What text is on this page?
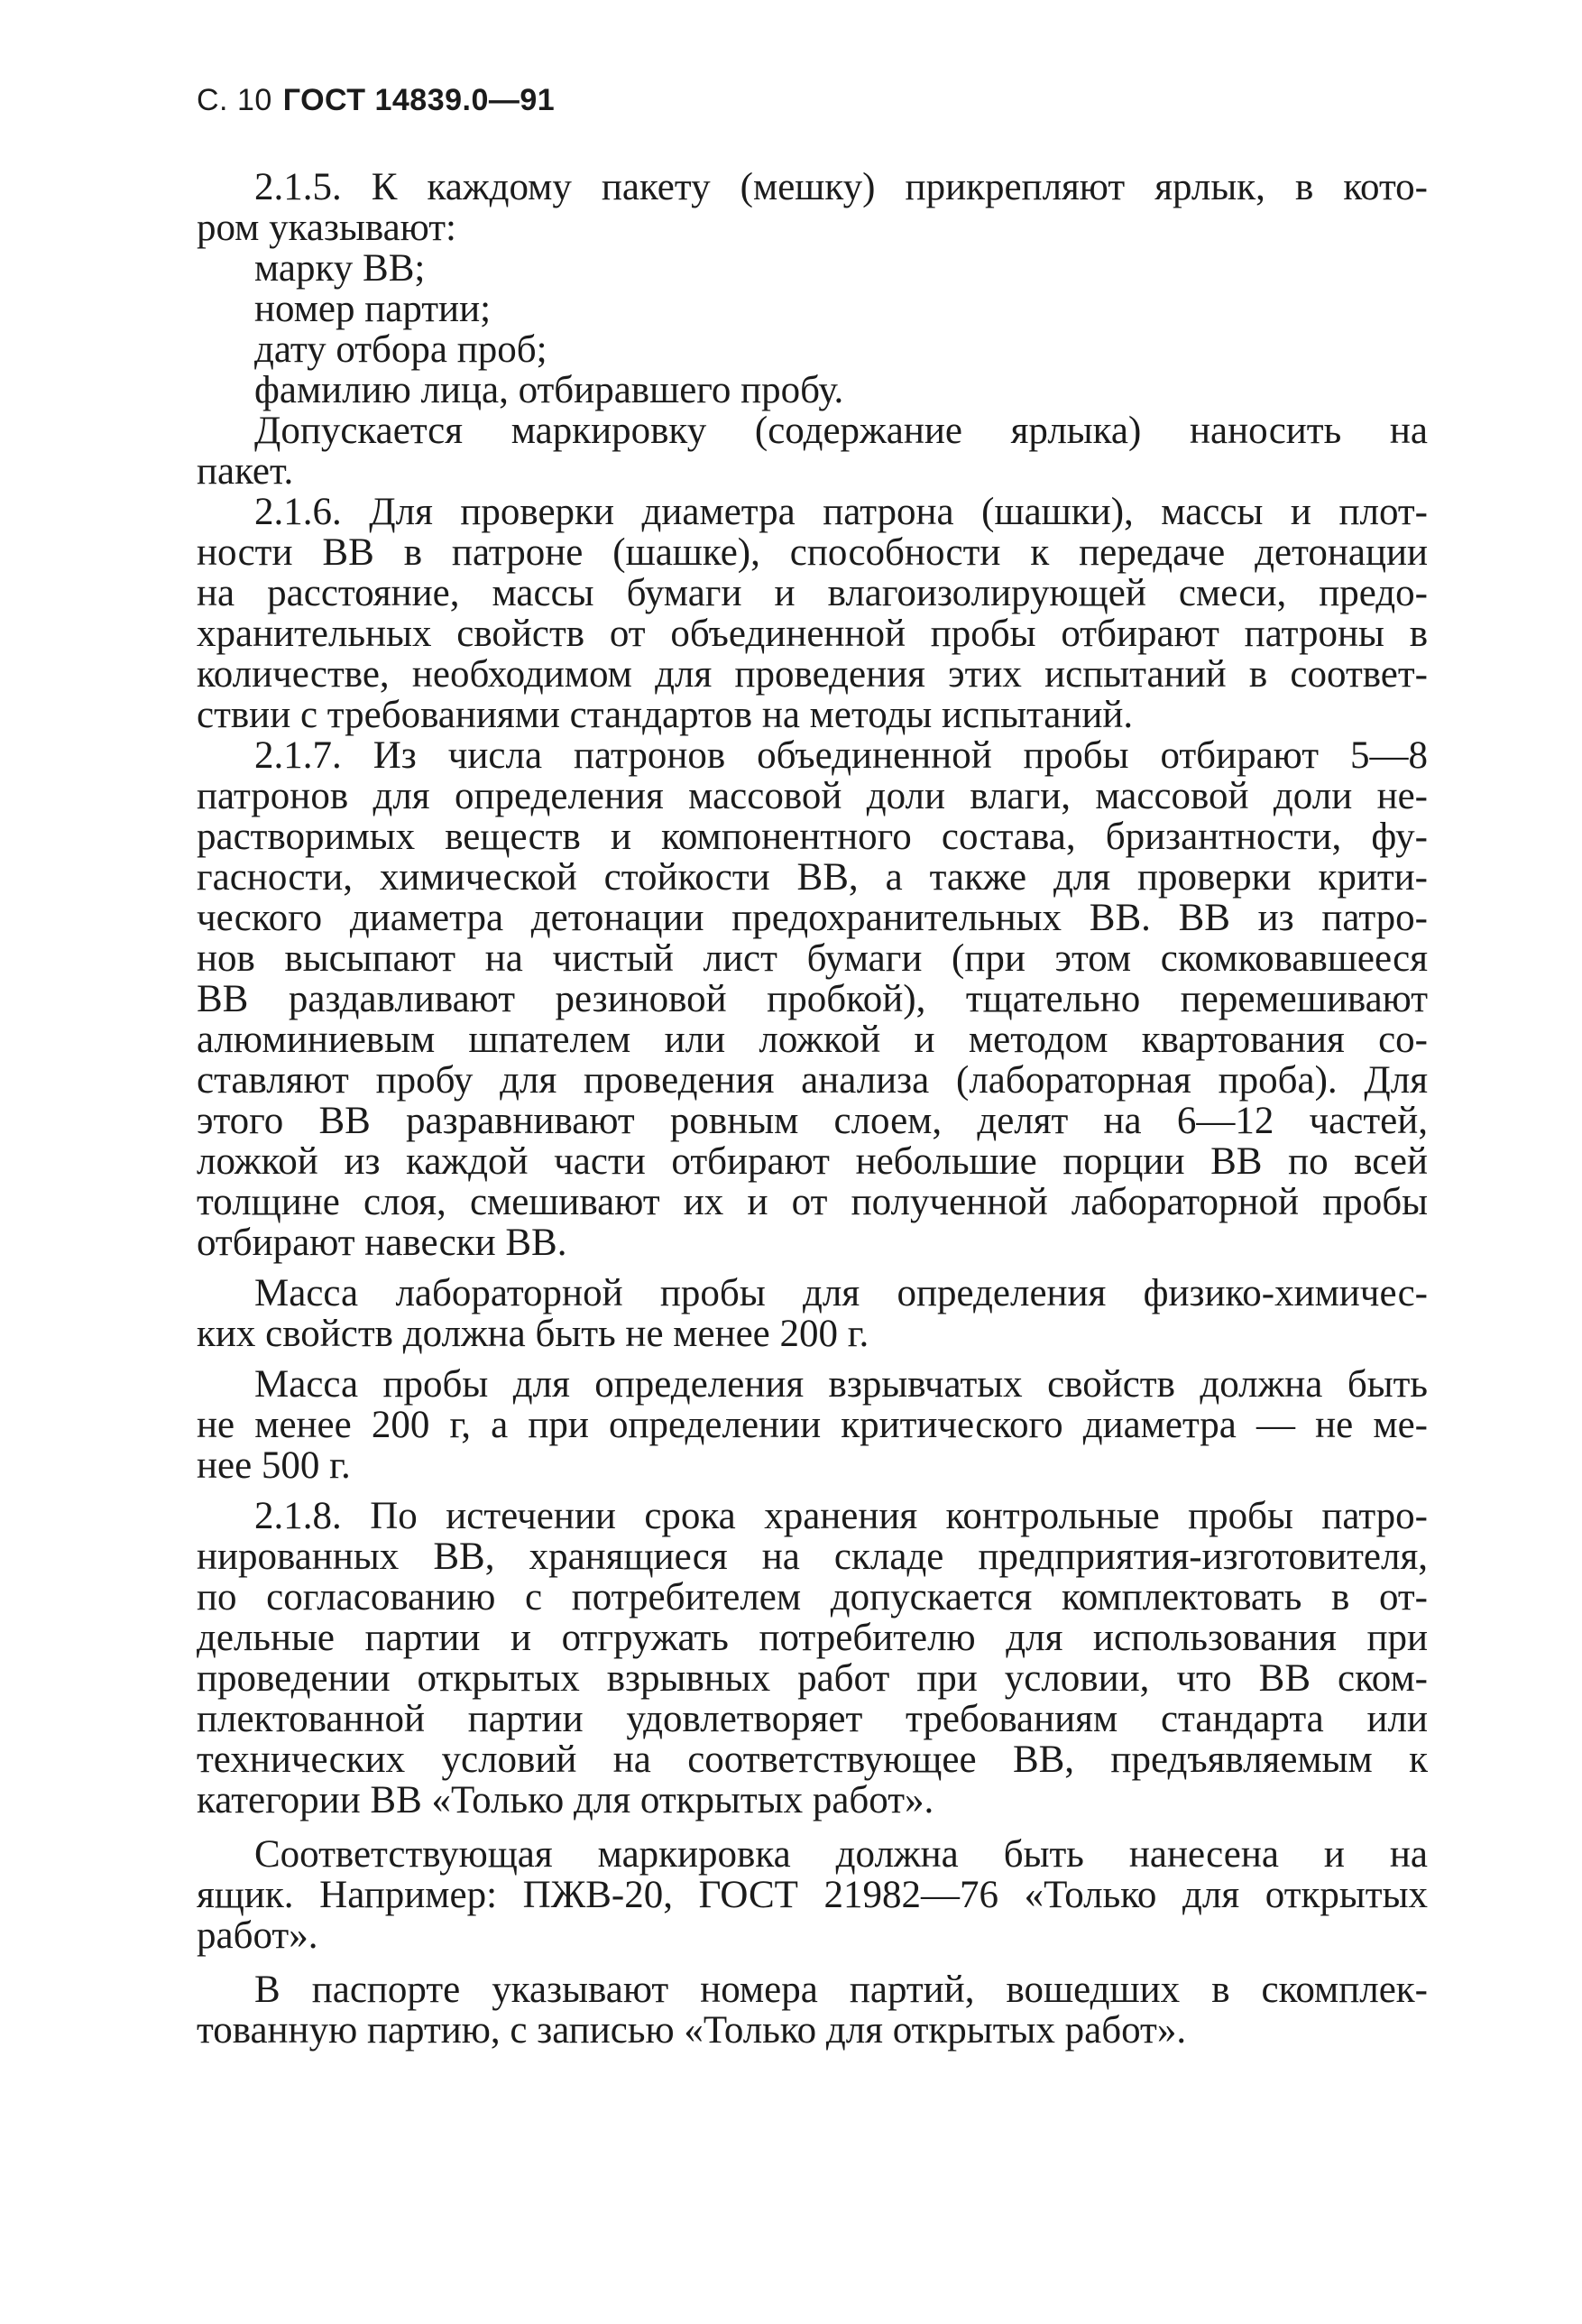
С. 10 ГОСТ 14839.0—91
2.1.5. К каждому пакету (мешку) прикрепляют ярлык, в кото-
ром указывают:
марку ВВ;
номер партии;
дату отбора проб;
фамилию лица, отбиравшего пробу.
Допускается маркировку (содержание ярлыка) наносить на
пакет.
2.1.6. Для проверки диаметра патрона (шашки), массы и плот-
ности ВВ в патроне (шашке), способности к передаче детонации
на расстояние, массы бумаги и влагоизолирующей смеси, предо-
хранительных свойств от объединенной пробы отбирают патроны в
количестве, необходимом для проведения этих испытаний в соответ-
ствии с требованиями стандартов на методы испытаний.
2.1.7. Из числа патронов объединенной пробы отбирают 5—8
патронов для определения массовой доли влаги, массовой доли не-
растворимых веществ и компонентного состава, бризантности, фу-
гасности, химической стойкости ВВ, а также для проверки крити-
ческого диаметра детонации предохранительных ВВ. ВВ из патро-
нов высыпают на чистый лист бумаги (при этом скомковавшееся
ВВ раздавливают резиновой пробкой), тщательно перемешивают
алюминиевым шпателем или ложкой и методом квартования со-
ставляют пробу для проведения анализа (лабораторная проба). Для
этого ВВ разравнивают ровным слоем, делят на 6—12 частей,
ложкой из каждой части отбирают небольшие порции ВВ по всей
толщине слоя, смешивают их и от полученной лабораторной пробы
отбирают навески ВВ.
Масса лабораторной пробы для определения физико-химичес-
ких свойств должна быть не менее 200 г.
Масса пробы для определения взрывчатых свойств должна быть
не менее 200 г, а при определении критического диаметра — не ме-
нее 500 г.
2.1.8. По истечении срока хранения контрольные пробы патро-
нированных ВВ, хранящиеся на складе предприятия-изготовителя,
по согласованию с потребителем допускается комплектовать в от-
дельные партии и отгружать потребителю для использования при
проведении открытых взрывных работ при условии, что ВВ ском-
плектованной партии удовлетворяет требованиям стандарта или
технических условий на соответствующее ВВ, предъявляемым к
категории ВВ «Только для открытых работ».
Соответствующая маркировка должна быть нанесена и на
ящик. Например: ПЖВ-20, ГОСТ 21982—76 «Только для открытых
работ».
В паспорте указывают номера партий, вошедших в скомплек-
тованную партию, с записью «Только для открытых работ».
